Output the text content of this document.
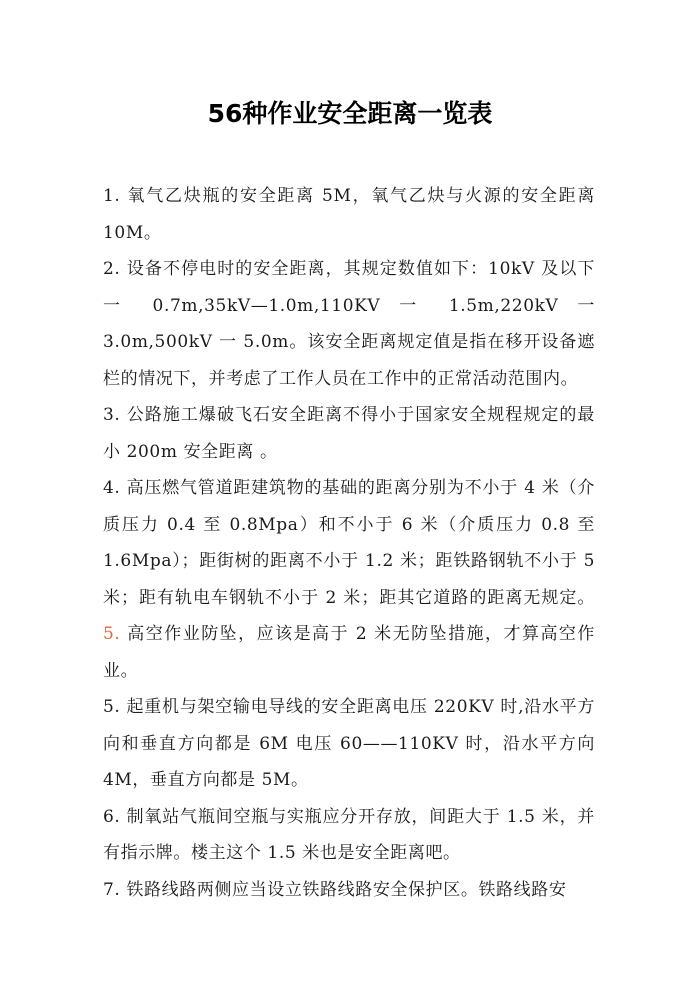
56种作业安全距离一览表

1. 氧气乙炔瓶的安全距离 5M，氧气乙炔与火源的安全距离 10M。

2. 设备不停电时的安全距离，其规定数值如下：10kV 及以下一 0.7m,35kV—1.0m,110KV 一 1.5m,220kV 一 3.0m,500kV 一 5.0m。该安全距离规定值是指在移开设备遮栏的情况下，并考虑了工作人员在工作中的正常活动范围内。

3. 公路施工爆破飞石安全距离不得小于国家安全规程规定的最小 200m 安全距离 。

4. 高压燃气管道距建筑物的基础的距离分别为不小于 4 米（介质压力 0.4 至 0.8Mpa）和不小于 6 米（介质压力 0.8 至 1.6Mpa）；距街树的距离不小于 1.2 米；距铁路钢轨不小于 5 米；距有轨电车钢轨不小于 2 米；距其它道路的距离无规定。5. 高空作业防坠，应该是高于 2 米无防坠措施，才算高空作业。

5. 起重机与架空输电导线的安全距离电压 220KV 时,沿水平方向和垂直方向都是 6M 电压 60——110KV 时，沿水平方向 4M，垂直方向都是 5M。

6. 制氧站气瓶间空瓶与实瓶应分开存放，间距大于 1.5 米，并有指示牌。楼主这个 1.5 米也是安全距离吧。

7. 铁路线路两侧应当设立铁路线路安全保护区。铁路线路安
